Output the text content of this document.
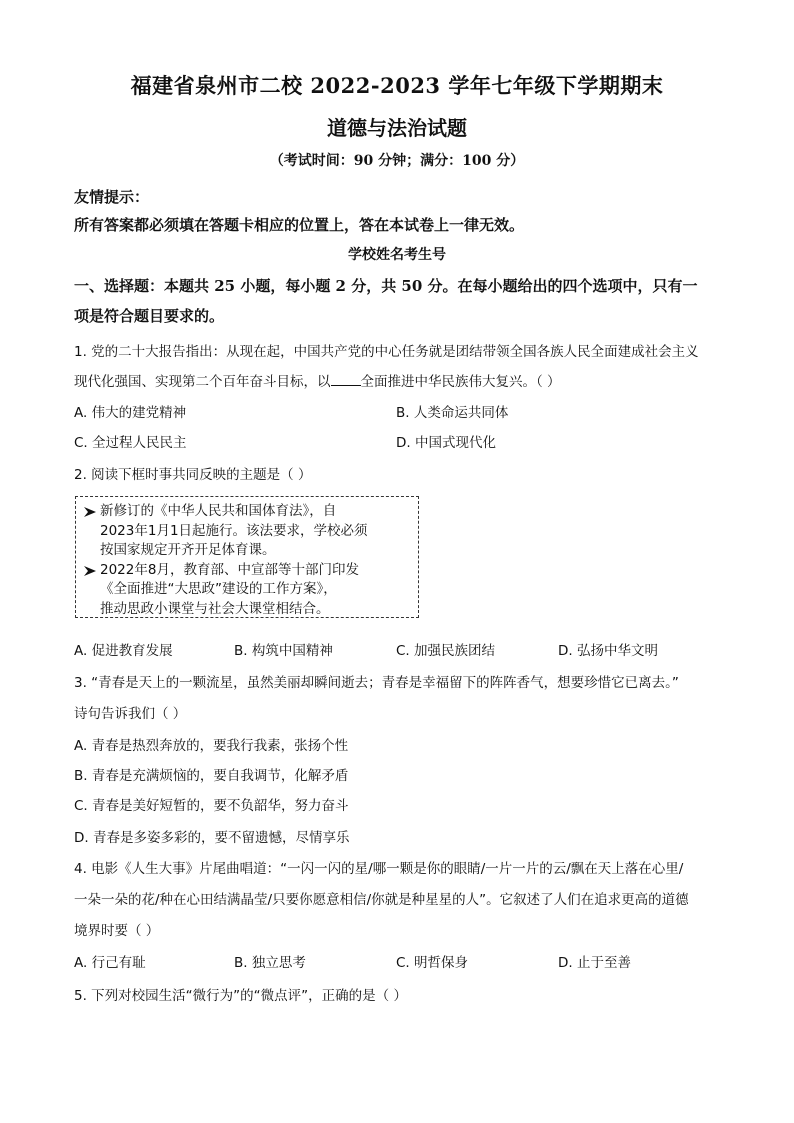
福建省泉州市二校 2022-2023 学年七年级下学期期末
道德与法治试题
（考试时间：90 分钟；满分：100 分）
友情提示：
所有答案都必须填在答题卡相应的位置上，答在本试卷上一律无效。
学校姓名考生号
一、选择题：本题共 25 小题，每小题 2 分，共 50 分。在每小题给出的四个选项中，只有一
项是符合题目要求的。
1. 党的二十大报告指出：从现在起，中国共产党的中心任务就是团结带领全国各族人民全面建成社会主义
现代化强国、实现第二个百年奋斗目标，以 全面推进中华民族伟大复兴。（ ）
A. 伟大的建党精神	B. 人类命运共同体
C. 全过程人民民主	D. 中国式现代化
2. 阅读下框时事共同反映的主题是（ ）
新修订的《中华人民共和国体育法》，自
2023年1月1日起施行。该法要求，学校必须
按国家规定开齐开足体育课。
2022年8月，教育部、中宣部等十部门印发
《全面推进“大思政”建设的工作方案》，
推动思政小课堂与社会大课堂相结合。
A. 促进教育发展	B. 构筑中国精神	C. 加强民族团结	D. 弘扬中华文明
3. “青春是天上的一颗流星，虽然美丽却瞬间逝去；青春是幸福留下的阵阵香气，想要珍惜它已离去。”
诗句告诉我们（ ）
A. 青春是热烈奔放的，要我行我素，张扬个性
B. 青春是充满烦恼的，要自我调节，化解矛盾
C. 青春是美好短暂的，要不负韶华，努力奋斗
D. 青春是多姿多彩的，要不留遗憾，尽情享乐
4. 电影《人生大事》片尾曲唱道：“一闪一闪的星/哪一颗是你的眼睛/一片一片的云/飘在天上落在心里/
一朵一朵的花/种在心田结满晶莹/只要你愿意相信/你就是种星星的人”。它叙述了人们在追求更高的道德
境界时要（ ）
A. 行己有耻	B. 独立思考	C. 明哲保身	D. 止于至善
5. 下列对校园生活“微行为”的“微点评”，正确的是（ ）
